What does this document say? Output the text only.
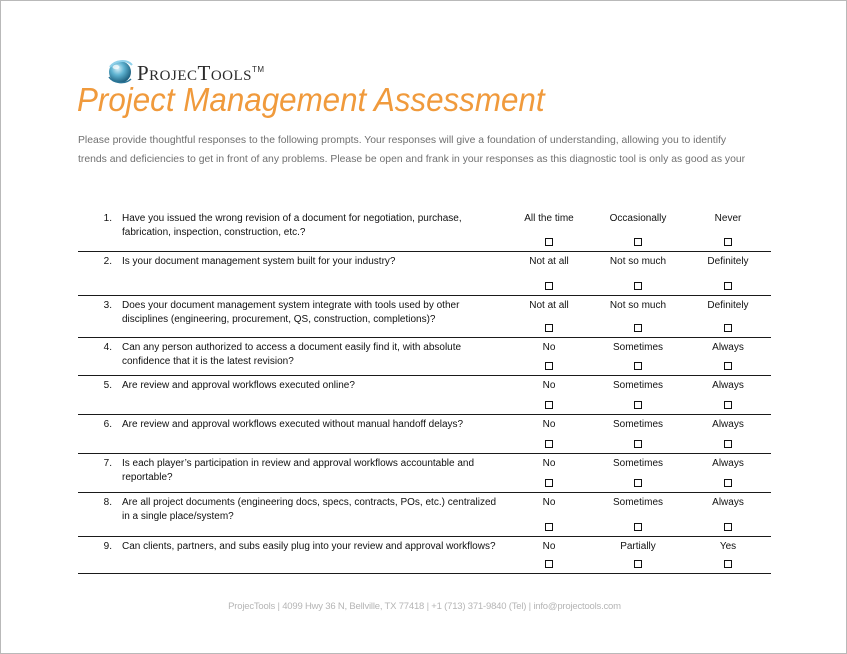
ProjecTools™
Project Management Assessment

Please provide thoughtful responses to the following prompts. Your responses will give a foundation of understanding, allowing you to identify
trends and deficiencies to get in front of any problems. Please be open and frank in your responses as this diagnostic tool is only as good as your

1. Have you issued the wrong revision of a document for negotiation, purchase, fabrication, inspection, construction, etc.?
All the time	Occasionally	Never
2. Is your document management system built for your industry?	Not at all	Not so much	Definitely
3. Does your document management system integrate with tools used by other disciplines (engineering, procurement, QS, construction, completions)?
Not at all	Not so much	Definitely
4. Can any person authorized to access a document easily find it, with absolute confidence that it is the latest revision?
No	Sometimes	Always
5. Are review and approval workflows executed online?	No	Sometimes	Always
6. Are review and approval workflows executed without manual handoff delays?	No	Sometimes	Always
7. Is each player’s participation in review and approval workflows accountable and reportable?
No	Sometimes	Always
8. Are all project documents (engineering docs, specs, contracts, POs, etc.) centralized in a single place/system?
No	Sometimes	Always
9. Can clients, partners, and subs easily plug into your review and approval workflows?	No	Partially	Yes
ProjecTools | 4099 Hwy 36 N, Bellville, TX 77418 | +1 (713) 371-9840 (Tel) | info@projectools.com
